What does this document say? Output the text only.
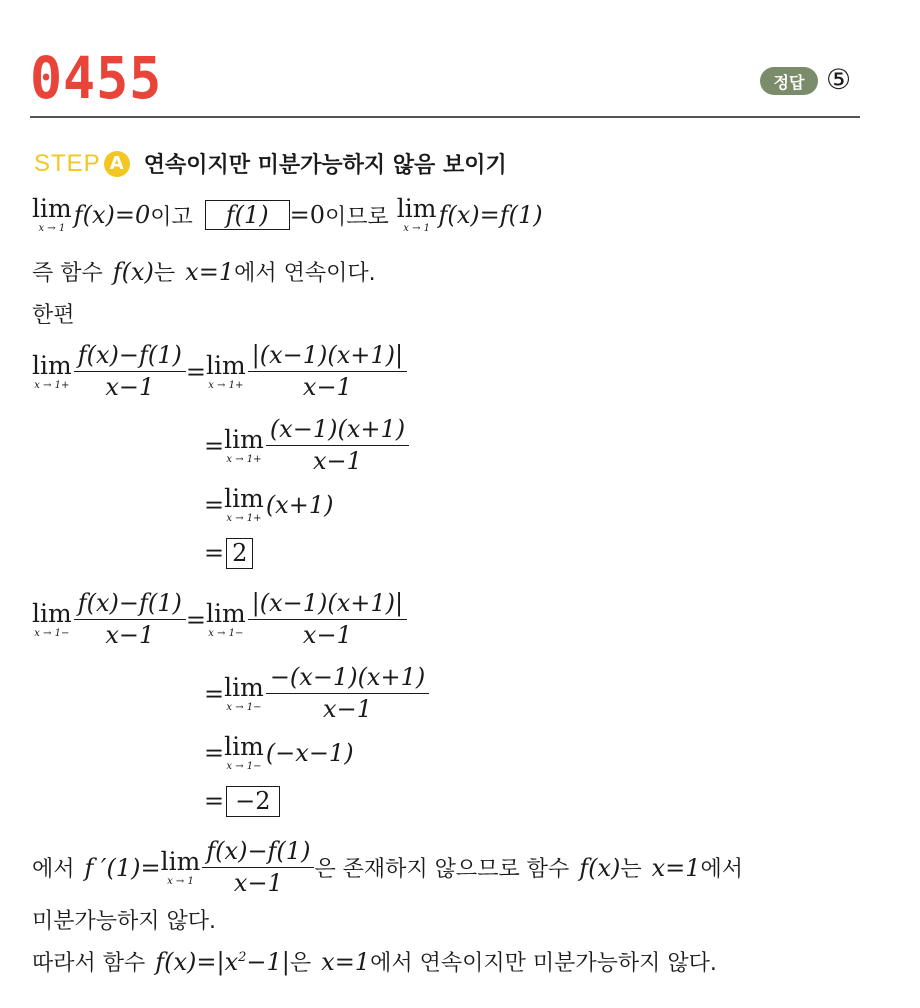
0455	정답 ⑤
STEP A 연속이지만 미분가능하지 않음 보이기
lim
x → 1 f(x)=0 이고	f(1) =0 이므로 lim
x → 1 f(x)=f(1)
즉 함수 f(x) 는 x=1 에서 연속이다.
한편
lim
$x \to 1+ \frac{f(x)-f(1)}{x-1} = \lim$
$x \to 1+ \frac{|(x-1)(x+1)|}{x-1}$
= lim
$x \to 1+ \frac{(x-1)(x+1)}{x-1}$
= lim
x → 1+ (x+1)
= 2
lim
$x \to 1- \frac{f(x)-f(1)}{x-1} = \lim$
$x \to 1- \frac{|(x-1)(x+1)|}{x-1}$
= lim
$x \to 1- \frac{-(x-1)(x+1)}{x-1}$
= lim
x → 1− (−x−1)
= −2
에서 f ′(1)= lim
$x \to 1 \frac{f(x)-f(1)}{x-1}$ 은 존재하지 않으므로 함수 f(x) 는 x=1 에서
미분가능하지 않다.
따라서 함수 $f(x)=|x^2-1|$ 은 x=1 에서 연속이지만 미분가능하지 않다.
